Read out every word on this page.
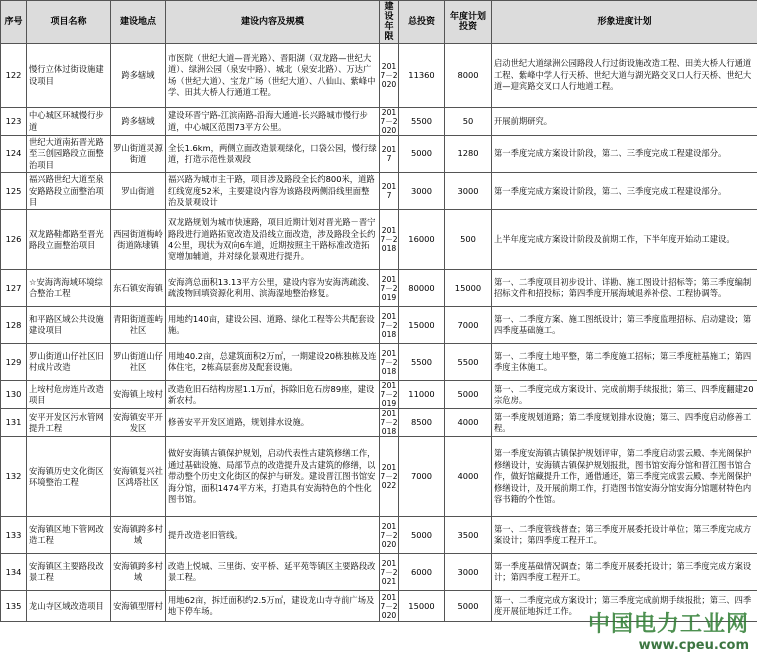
序号	项目名称	建设地点	建设内容及规模	建设年限	总投资	年度计划投资	形象进度计划
122	慢行立体过街设施建设项目	跨多辖域	市医院（世纪大道—晋光路）、晋阳湖（双龙路—世纪大道）、绿洲公园（泉安中路）、城北（泉安北路）、万达广场（世纪大道）、宝龙广场（世纪大道）、八仙山、紫峰中学、田其大桥人行通道工程。	2017－2020	11360	8000	启动世纪大道绿洲公园路段人行过街设施改造工程、田美大桥人行通道工程、紫峰中学人行天桥、世纪大道与湖光路交叉口人行天桥、世纪大道—迎宾路交叉口人行地道工程。
123	中心城区环城慢行步道	跨多辖域	建设环晋宁路-江滨南路-沿海大通道-长兴路城市慢行步道，中心城区范围73平方公里。	2017－2020	5500	50	开展前期研究。
124	世纪大道南拓晋光路至三创园路段立面整治项目	罗山街道灵源街道	全长1.6km，两侧立面改造景观绿化，口袋公园，慢行绿道，打造示范性景观段	2017	5000	1280	第一季度完成方案设计阶段，第二、三季度完成工程建设部分。
125	福兴路世纪大道至泉安路路段立面整治项目	罗山街道	福兴路为城市主干路，项目涉及路段全长约800米，道路红线宽度52米，主要建设内容为该路段两侧沿线里面整治及景观设计	2017	3000	3000	第一季度完成方案设计阶段，第二、三季度完成工程建设部分。
126	双龙路鞋都路至晋光路段立面整治项目	西园街道梅岭街道陈埭镇	双龙路规划为城市快速路，项目近期计划对晋光路－晋宁路段进行道路拓宽改造及沿线立面改造，涉及路段全长约4公里，现状为双向6车道，近期按照主干路标准改造拓宽增加辅道，并对绿化景观进行提升。	2017－2018	16000	500	上半年度完成方案设计阶段及前期工作，下半年度开始动工建设。
127	☆安海湾海域环境综合整治工程	东石镇安海镇	安海湾总面积13.13平方公里，建设内容为安海湾疏浚、疏浚物回填资源化利用、滨海湿地整治修复。	2017－2019	80000	15000	第一、二季度项目初步设计、详勘、施工图设计招标等；第三季度编制招标文件和招投标；第四季度开展海域退养补偿、工程协调等。
128	和平路区域公共设施建设项目	青阳街道莲屿社区	用地约140亩，建设公园、道路、绿化工程等公共配套设施。	2017－2018	15000	7000	第一、二季度方案、施工图纸设计；第三季度监理招标、启动建设；第四季度基础施工。
129	罗山街道山仔社区旧村成片改造	罗山街道山仔社区	用地40.2亩，总建筑面积2万㎡，一期建设20栋独栋及连体住宅，2栋高层套房及配套设施。	2017－2018	5500	5500	第一、二季度土地平整，第二季度施工招标；第三季度桩基施工；第四季度主体施工。
130	上垵村危房连片改造项目	安海镇上垵村	改造危旧石结构房屋1.1万㎡，拆除旧危石房89座，建设新农村。	2017－2019	11000	5000	第一、二季度完成方案设计、完成前期手续报批；第三、四季度翻建20宗危房。
131	安平开发区污水管网提升工程	安海镇安平开发区	修善安平开发区道路，规划排水设施。	2017－2018	8500	4000	第一季度规划道路；第二季度规划排水设施；第三、四季度启动修善工程。
132	安海镇历史文化街区环境整治工程	安海镇复兴社区鸿塔社区	做好安海镇古镇保护规划，启动代表性古建筑修缮工作，通过基础设施、局部节点的改造提升及古建筑的修缮，以带动整个历史文化街区的保护与研发。建设晋江图书馆安海分馆，面积1474平方米，打造具有安海特色的个性化图书馆。	2017－2022	7000	4000	第一季度安海镇古镇保护规划评审，第二季度启动雲云殿、李光阁保护修缮设计，安海镇古镇保护规划报批，图书馆安海分馆和晋江图书馆合作，做好馆藏提升工作，通借通还，第三季度完成雲云殿、李光阁保护修缮设计，及开展前期工作，打造图书馆安海分馆安海分馆题材特色内容书籍的个性馆。
133	安海镇区地下管网改造工程	安海镇跨多村域	提升改造老旧管线。	2017－2020	5000	3500	第一、二季度管线普查；第三季度开展委托设计单位；第三季度完成方案设计；第四季度工程开工。
134	安海镇区主要路段改景工程	安海镇跨多村域	改造上悦城、三里街、安平桥、延平苑等镇区主要路段改景工程。	2017－2021	6000	3000	第一季度基础情况调查；第二季度开展委托设计；第三季度完成方案设计；第四季度工程开工。
135	龙山寺区域改造项目	安海镇型厝村	用地62亩，拆迁面积约2.5万㎡，建设龙山寺寺前广场及地下停车场。	2017－2020	15000	5000	第一、二季度完成方案设计；第三季度完成前期手续报批；第三、四季度开展征地拆迁工作。
中国电力工业网
www.cpeu.com
